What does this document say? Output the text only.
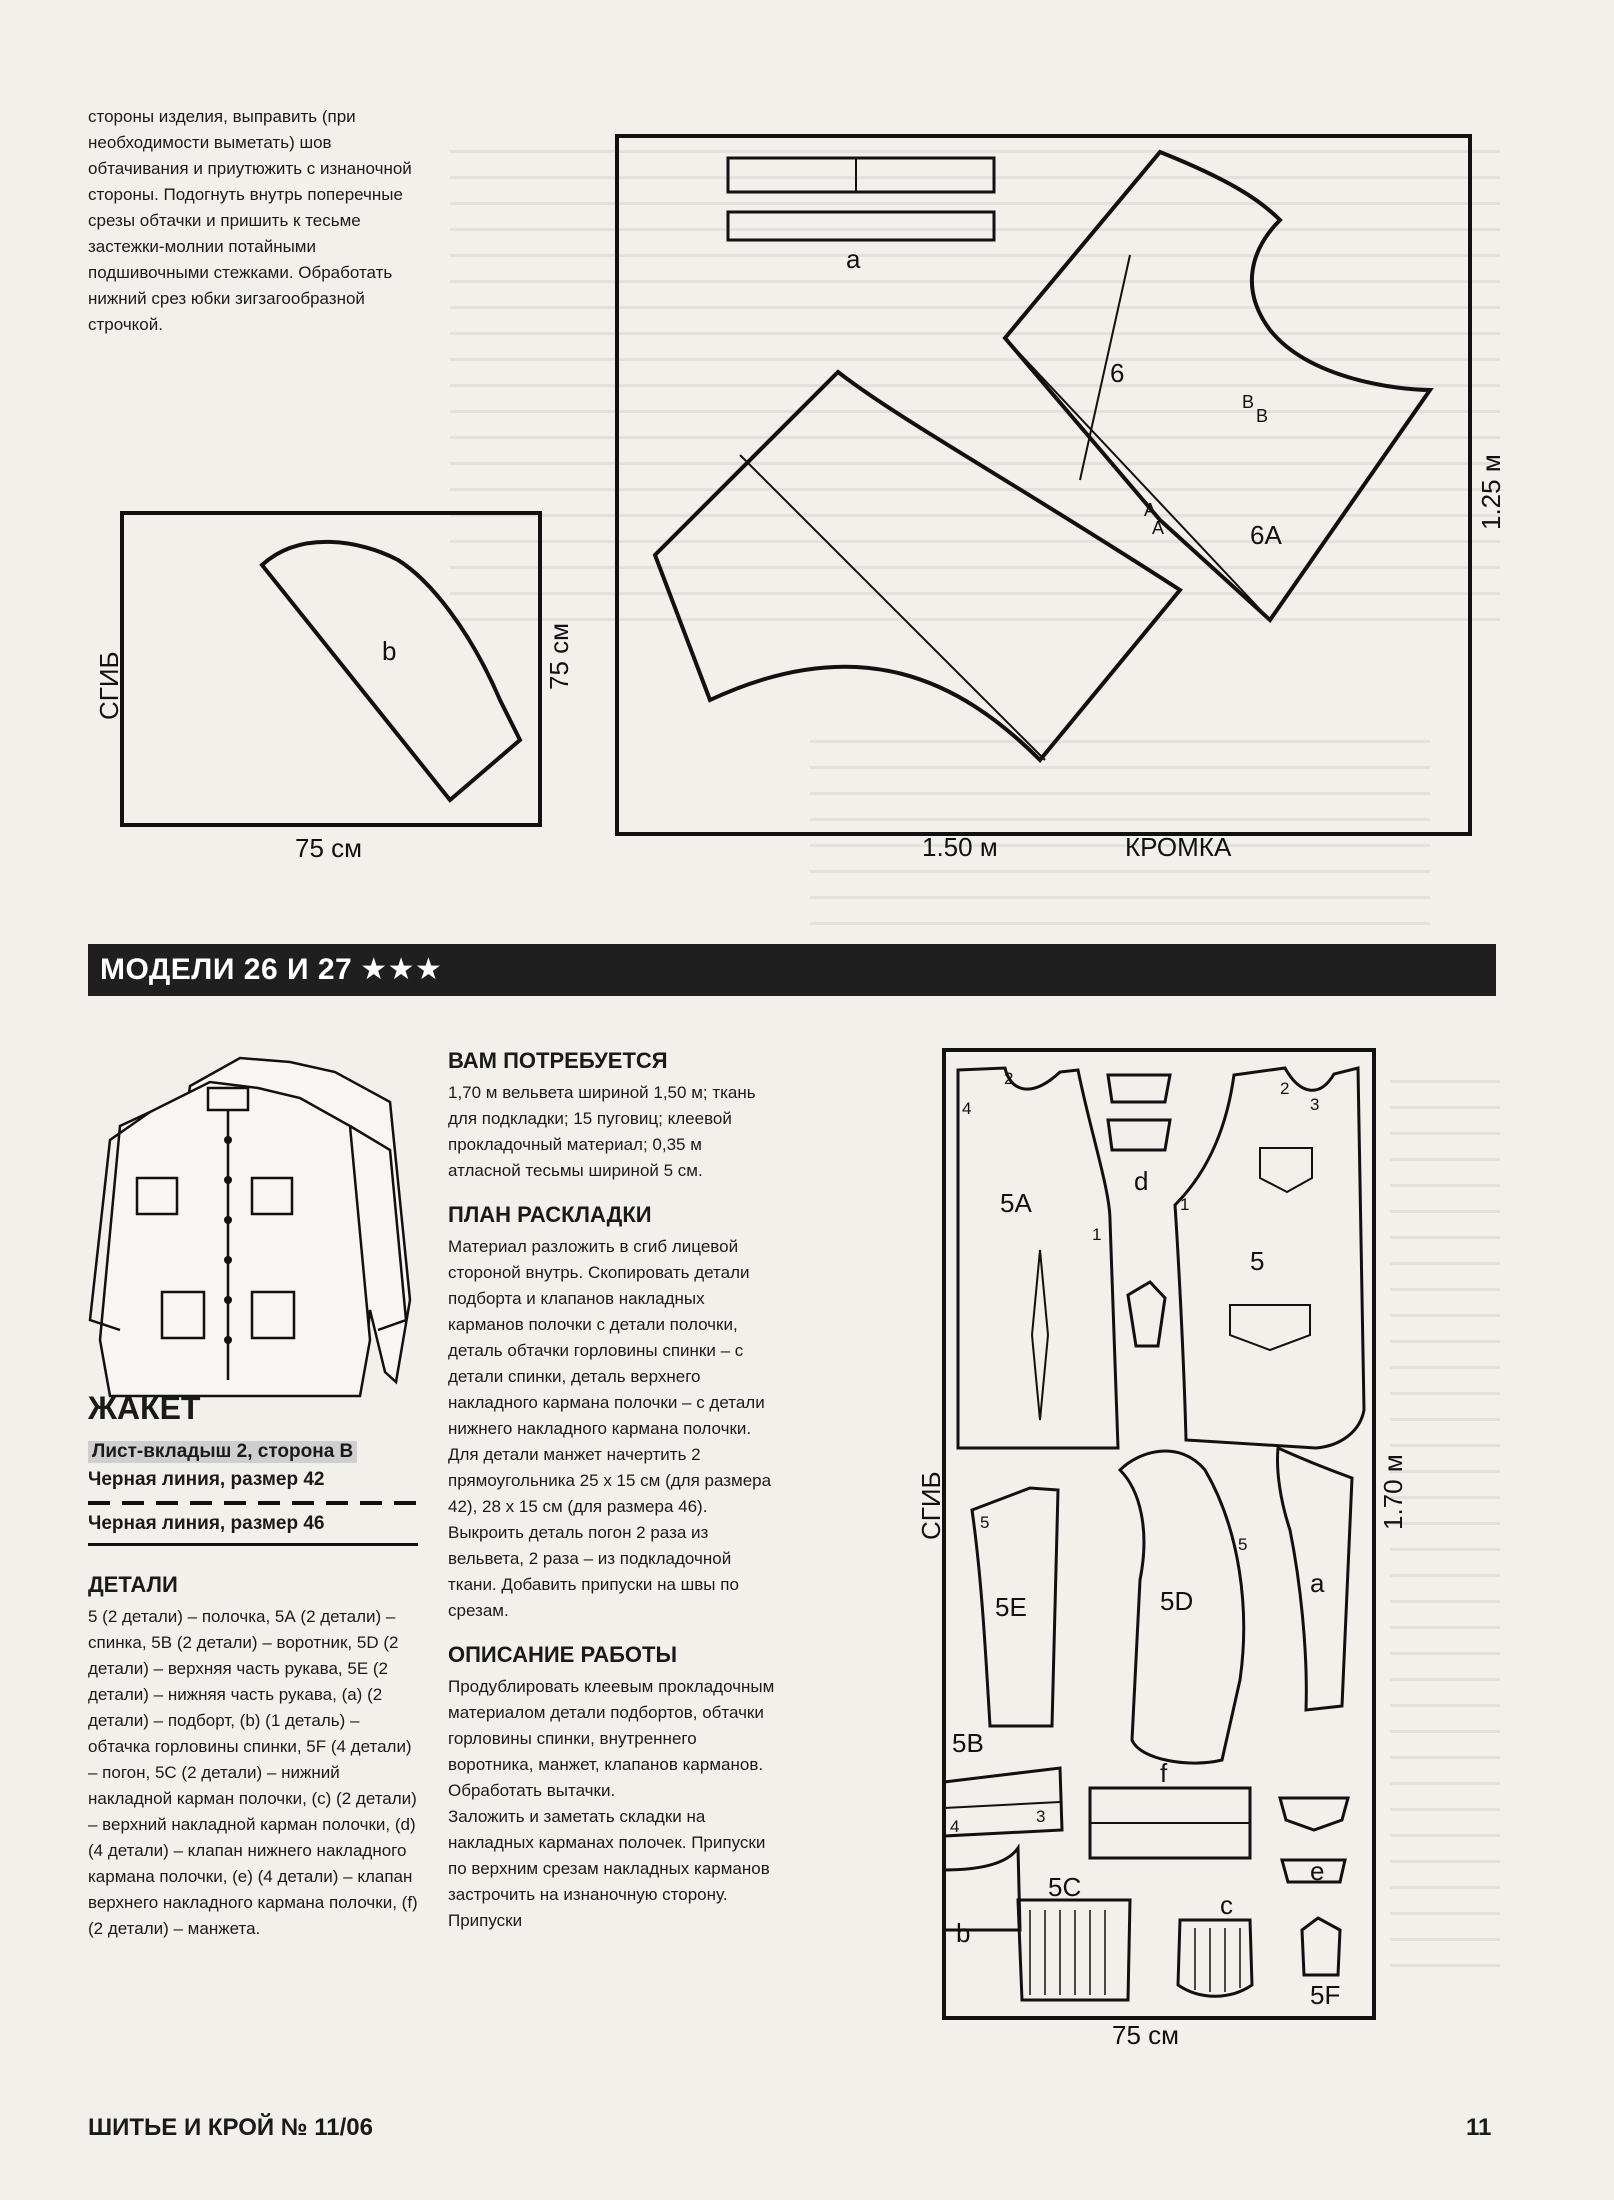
стороны изделия, выправить (при необходимости выметать) шов обтачивания и приутюжить с изнаночной стороны. Подогнуть внутрь поперечные срезы обтачки и пришить к тесьме застежки-молнии потайными подшивочными стежками. Обработать нижний срез юбки зигзагообразной строчкой.

b
СГИБ
75 см
75 см
а
6
6А
В
В
А
А
1.50 м	КРОМКА
1.25 м
МОДЕЛИ 26 И 27 ★★★
ЖАКЕТ
Лист-вкладыш 2, сторона В
Черная линия, размер 42
Черная линия, размер 46
ДЕТАЛИ
5 (2 детали) – полочка, 5А (2 детали) – спинка, 5В (2 детали) – воротник, 5D (2 детали) – верхняя часть рукава, 5Е (2 детали) – нижняя часть рукава, (а) (2 детали) – подборт, (b) (1 деталь) – обтачка горловины спинки, 5F (4 детали) – погон, 5С (2 детали) – нижний накладной карман полочки, (с) (2 детали) – верхний накладной карман полочки, (d) (4 детали) – клапан нижнего накладного кармана полочки, (е) (4 детали) – клапан верхнего накладного кармана полочки, (f) (2 детали) – манжета.
ВАМ ПОТРЕБУЕТСЯ

1,70 м вельвета шириной 1,50 м; ткань для подкладки; 15 пуговиц; клеевой прокладочный материал; 0,35 м атласной тесьмы шириной 5 см.

ПЛАН РАСКЛАДКИ

Материал разложить в сгиб лицевой стороной внутрь. Скопировать детали подборта и клапанов накладных карманов полочки с детали полочки, деталь обтачки горловины спинки – с детали спинки, деталь верхнего накладного кармана полочки – с детали нижнего накладного кармана полочки. Для детали манжет начертить 2 прямоугольника 25 х 15 см (для размера 42), 28 х 15 см (для размера 46). Выкроить деталь погон 2 раза из вельвета, 2 раза – из подкладочной ткани. Добавить припуски на швы по срезам.

ОПИСАНИЕ РАБОТЫ

Продублировать клеевым прокладочным материалом детали подбортов, обтачки горловины спинки, внутреннего воротника, манжет, клапанов карманов.

Обработать вытачки.

Заложить и заметать складки на накладных карманах полочек. Припуски по верхним срезам накладных карманов застрочить на изнаночную сторону. Припуски

5А
d
5
5Е	5D
а
5В
f
5С
с
b
е
5F
2
4
1
2
3
1
5
5
4
3
СГИБ
75 см
1.70 м
ШИТЬЕ И КРОЙ № 11/06	11
